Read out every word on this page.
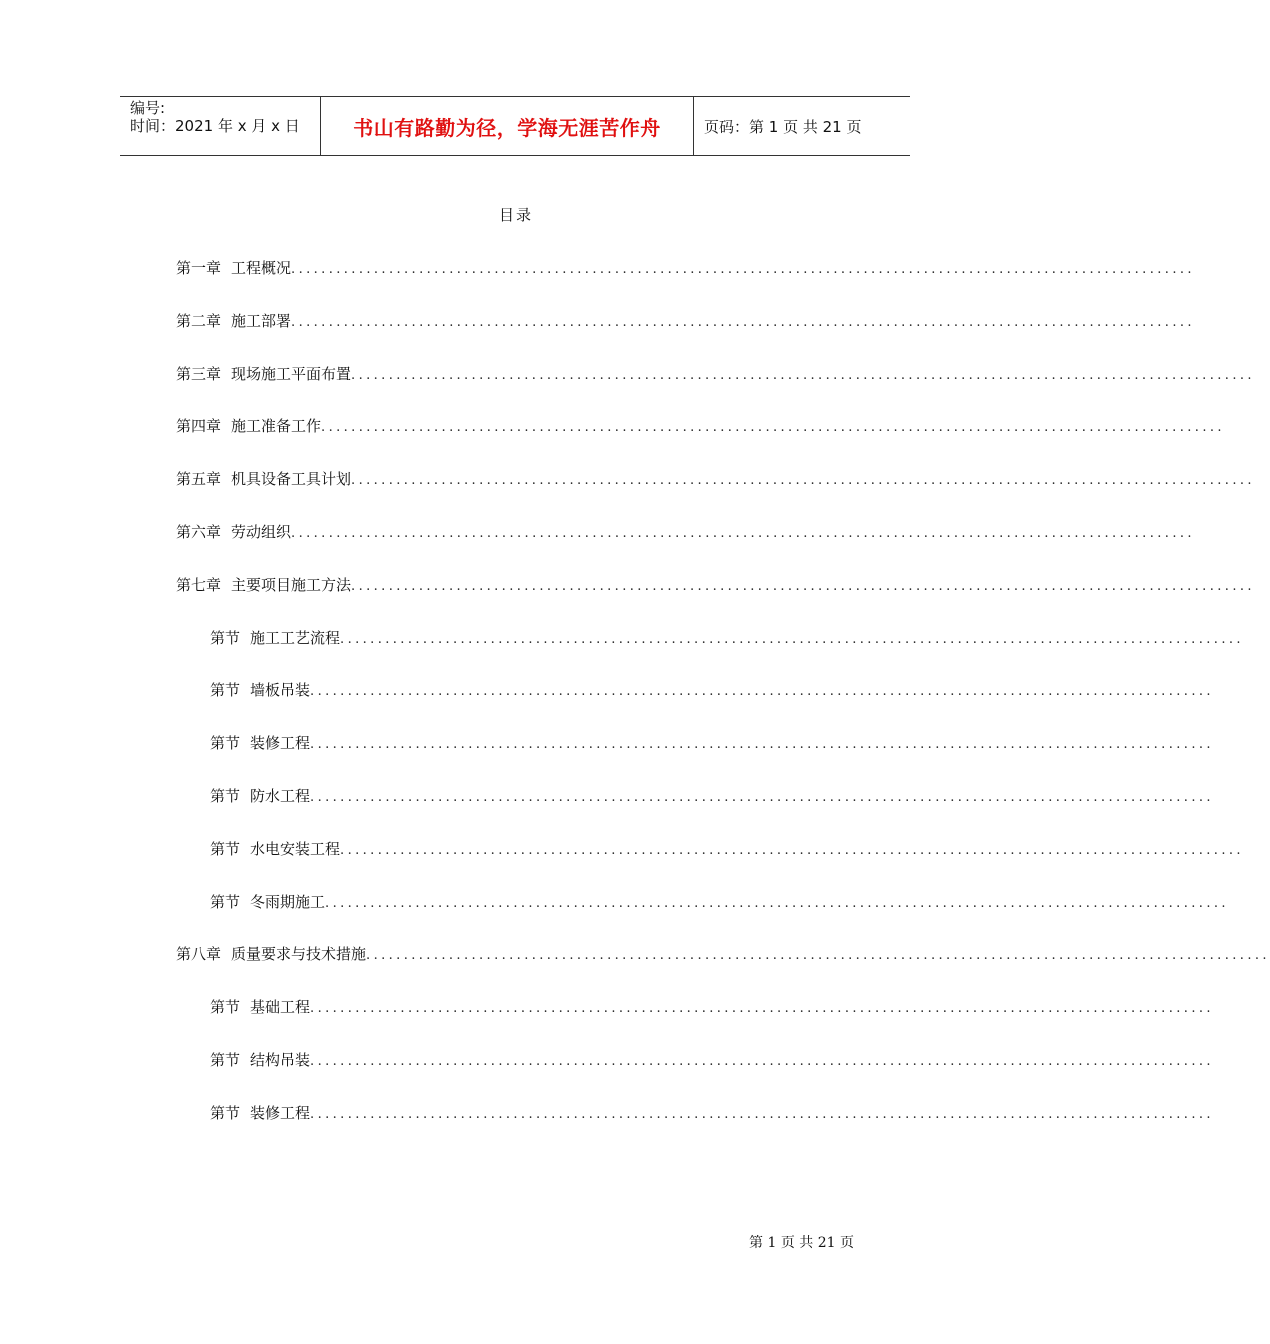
编号:
时间：2021 年 x 月 x 日	书山有路勤为径，学海无涯苦作舟	页码：第 1 页 共 21 页
目录
第一章 工程概况 ........................................................................................................................
第二章 施工部署 ........................................................................................................................
第三章 现场施工平面布置 ........................................................................................................................
第四章 施工准备工作 ........................................................................................................................
第五章 机具设备工具计划 ........................................................................................................................
第六章 劳动组织 ........................................................................................................................
第七章 主要项目施工方法 ........................................................................................................................
第节 施工工艺流程 ........................................................................................................................
第节 墙板吊装 ........................................................................................................................
第节 装修工程 ........................................................................................................................
第节 防水工程 ........................................................................................................................
第节 水电安装工程 ........................................................................................................................
第节 冬雨期施工 ........................................................................................................................
第八章 质量要求与技术措施 ........................................................................................................................
第节 基础工程 ........................................................................................................................
第节 结构吊装 ........................................................................................................................
第节 装修工程 ........................................................................................................................
第 1 页 共 21 页
